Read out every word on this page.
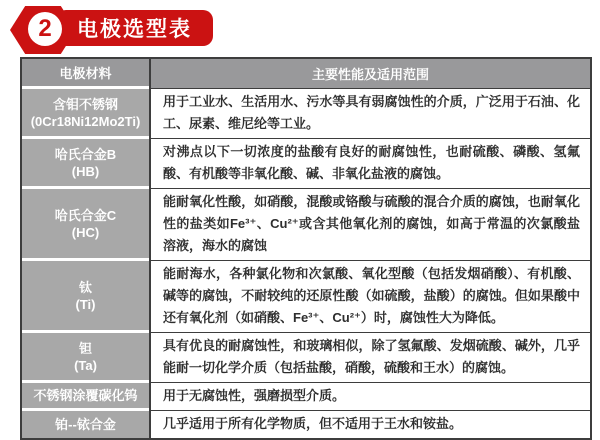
2 电极选型表
电极材料	主要性能及适用范围

含钼不锈钢
(0Cr18Ni12Mo2Ti)	用于工业水、生活用水、污水等具有弱腐蚀性的介质，广泛用于石油、化工、尿素、维尼纶等工业。

哈氏合金B
(HB)	对沸点以下一切浓度的盐酸有良好的耐腐蚀性，也耐硫酸、磷酸、氢氟酸、有机酸等非氧化酸、碱、非氧化盐液的腐蚀。

哈氏合金C
(HC)	能耐氧化性酸，如硝酸，混酸或铬酸与硫酸的混合介质的腐蚀，也耐氧化性的盐类如Fe³⁺、Cu²⁺或含其他氧化剂的腐蚀，如高于常温的次氯酸盐溶液，海水的腐蚀

钛
(Ti)	能耐海水，各种氯化物和次氯酸、氧化型酸（包括发烟硝酸）、有机酸、碱等的腐蚀，不耐较纯的还原性酸（如硫酸，盐酸）的腐蚀。但如果酸中还有氧化剂（如硝酸、Fe³⁺、Cu²⁺）时，腐蚀性大为降低。

钽
(Ta)	具有优良的耐腐蚀性，和玻璃相似，除了氢氟酸、发烟硫酸、碱外，几乎能耐一切化学介质（包括盐酸，硝酸，硫酸和王水）的腐蚀。

不锈钢涂覆碳化钨	用于无腐蚀性，强磨损型介质。

铂--铱合金	几乎适用于所有化学物质，但不适用于王水和铵盐。
